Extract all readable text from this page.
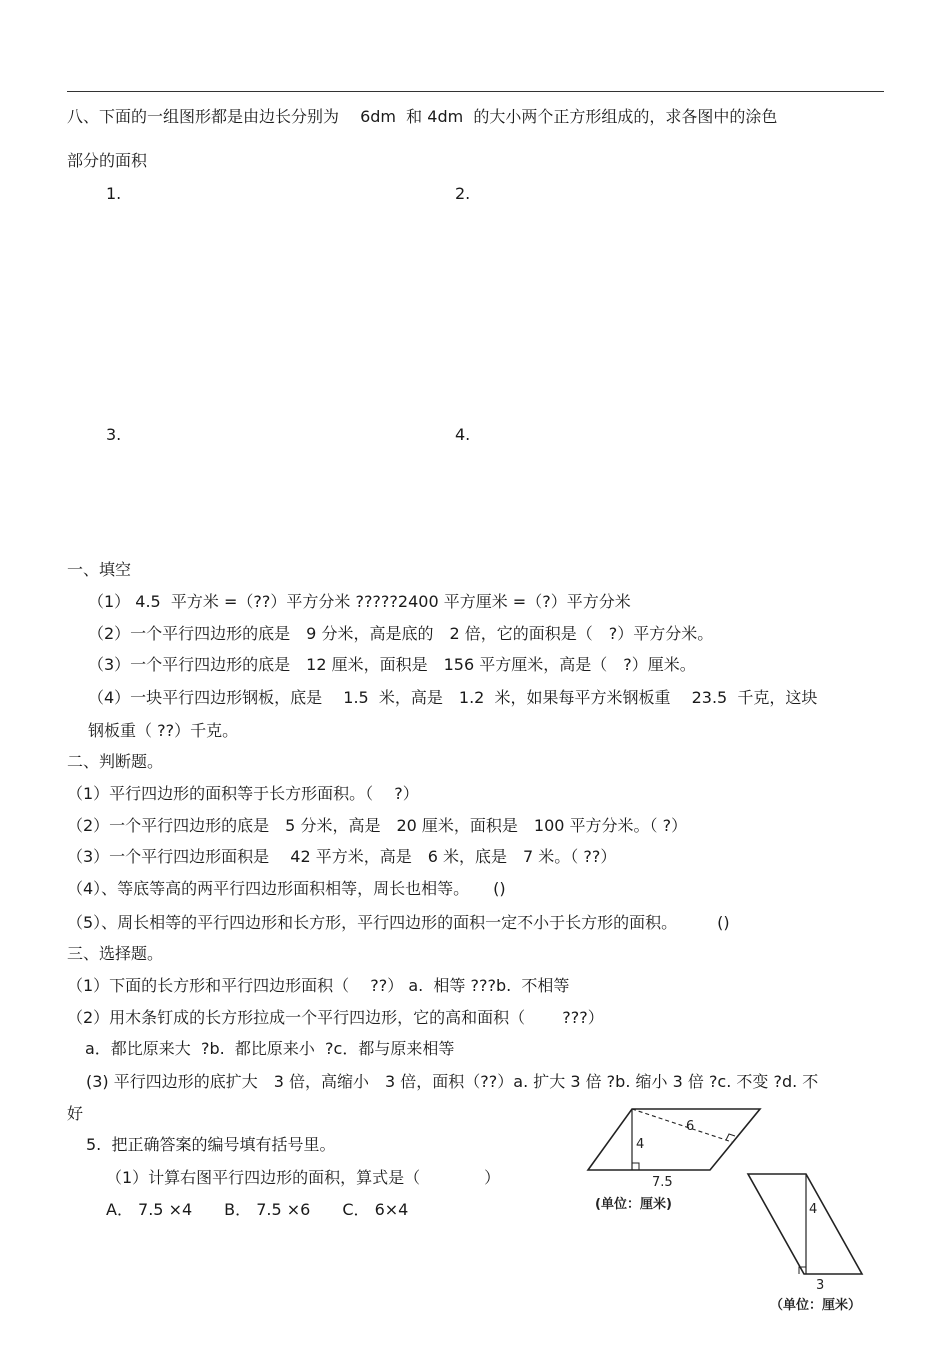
八、下面的一组图形都是由边长分别为　 6dm  和 4dm  的大小两个正方形组成的，求各图中的涂色
部分的面积
1.	2.
3.	4.
一、填空
（1） 4.5  平方米 =（??）平方分米 ?????2400 平方厘米 =（?）平方分米
（2）一个平行四边形的底是　9 分米，高是底的　2 倍，它的面积是（　?）平方分米。
（3）一个平行四边形的底是　12 厘米，面积是　156 平方厘米，高是（　?）厘米。
（4）一块平行四边形钢板，底是　 1.5  米，高是　1.2  米，如果每平方米钢板重　 23.5  千克，这块
钢板重（ ??）千克。
二、判断题。
（1）平行四边形的面积等于长方形面积。（　 ?）
（2）一个平行四边形的底是　5 分米，高是　20 厘米，面积是　100 平方分米。（ ?）
（3）一个平行四边形面积是　 42 平方米，高是　6 米，底是　7 米。（ ??）
（4）、等底等高的两平行四边形面积相等，周长也相等。　　()
（5）、周长相等的平行四边形和长方形，平行四边形的面积一定不小于长方形的面积。　　　()
三、选择题。
（1）下面的长方形和平行四边形面积（　 ??） a.  相等 ???b.  不相等
（2）用木条钉成的长方形拉成一个平行四边形，它的高和面积（　　 ???）
a．都比原来大  ?b.  都比原来小  ?c．都与原来相等
(3) 平行四边形的底扩大　3 倍，高缩小　3 倍，面积（??）a. 扩大 3 倍 ?b. 缩小 3 倍 ?c. 不变 ?d. 不
好
5.  把正确答案的编号填有括号里。
（1）计算右图平行四边形的面积，算式是（　　　　）
A． 7.5 ×4　　B． 7.5 ×6　　C． 6×4
4
6
7.5
(单位：厘米)	4
3
（单位：厘米）
